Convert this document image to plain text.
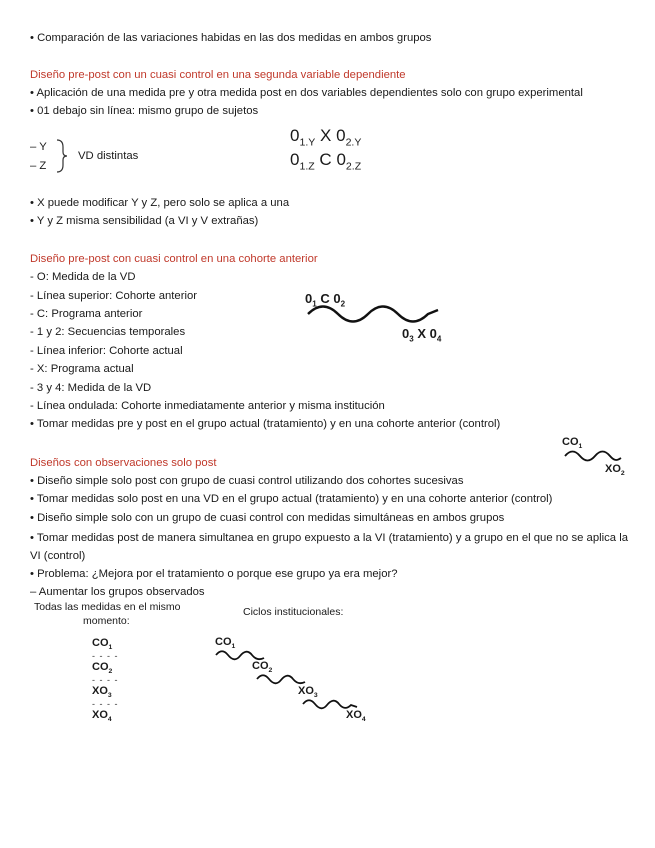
• Comparación de las variaciones habidas en las dos medidas en ambos grupos
Diseño pre-post con un cuasi control en una segunda variable dependiente
• Aplicación de una medida pre y otra medida post en dos variables dependientes solo con grupo experimental
• 01 debajo sin línea: mismo grupo de sujetos
– Y
– Z
VD distintas
$0_{1.Y}$ X $0_{2.Y}$
$0_{1.Z}$ C $0_{2.Z}$
• X puede modificar Y y Z, pero solo se aplica a una
• Y y Z misma sensibilidad (a VI y V extrañas)
Diseño pre-post con cuasi control en una cohorte anterior
- O: Medida de la VD
- Línea superior: Cohorte anterior
- C: Programa anterior
- 1 y 2: Secuencias temporales
- Línea inferior: Cohorte actual
- X: Programa actual
- 3 y 4: Medida de la VD
- Línea ondulada: Cohorte inmediatamente anterior y misma institución
• Tomar medidas pre y post en el grupo actual (tratamiento) y en una cohorte anterior (control)
$0_1$ C $0_2$
$0_3$ X $0_4$
Diseños con observaciones solo post
• Diseño simple solo post con grupo de cuasi control utilizando dos cohortes sucesivas
• Tomar medidas solo post en una VD en el grupo actual (tratamiento) y en una cohorte anterior (control)
• Diseño simple solo con un grupo de cuasi control con medidas simultáneas en ambos grupos
• Tomar medidas post de manera simultanea en grupo expuesto a la VI (tratamiento) y a grupo en el que no se aplica la VI (control)
• Problema: ¿Mejora por el tratamiento o porque ese grupo ya era mejor?
– Aumentar los grupos observados
$CO_1$
$XO_2$
Todas las medidas en el mismo
momento:
$CO_1$
- - - -
$CO_2$
- - - -
$XO_3$
- - - -
$XO_4$
Ciclos institucionales:
$CO_1$
$CO_2$
$XO_3$
$XO_4$
